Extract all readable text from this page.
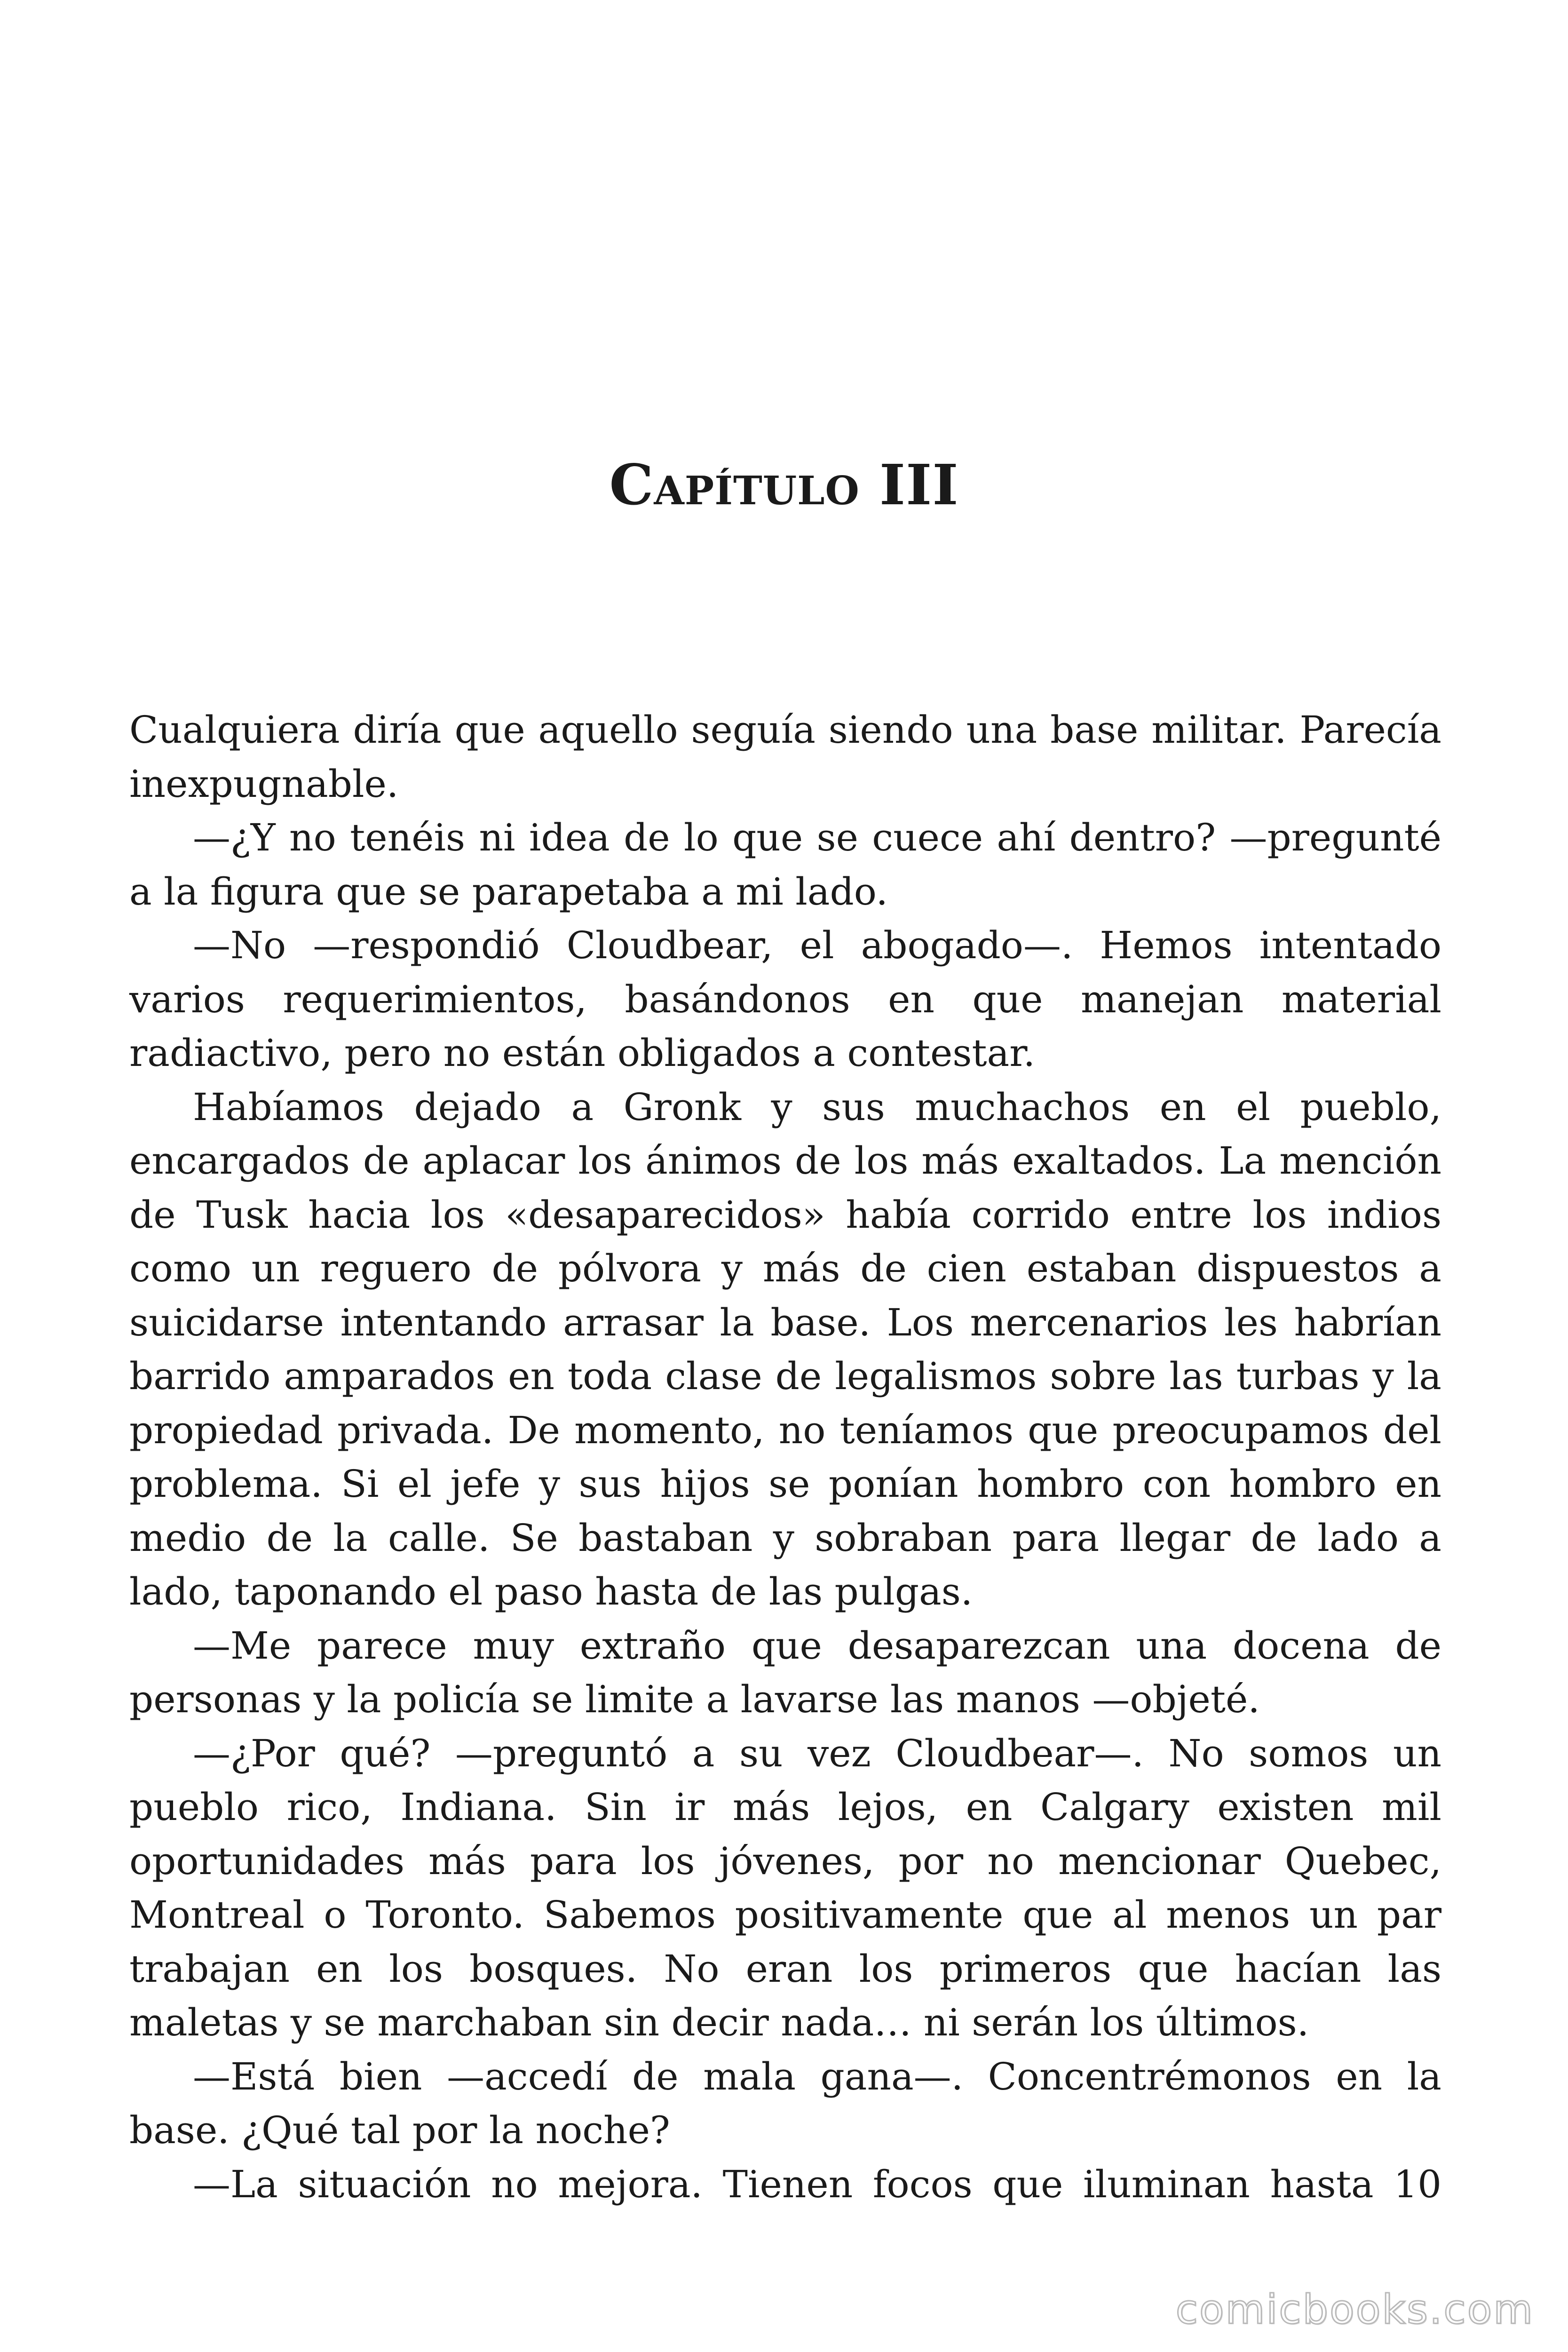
Capítulo III

Cualquiera diría que aquello seguía siendo una base militar. Parecía inexpugnable.

—¿Y no tenéis ni idea de lo que se cuece ahí dentro? —pregunté a la figura que se parapetaba a mi lado.

—No —respondió Cloudbear, el abogado—. Hemos intentado varios requerimientos, basándonos en que manejan material radiactivo, pero no están obligados a contestar.

Habíamos dejado a Gronk y sus muchachos en el pueblo, encargados de aplacar los ánimos de los más exaltados. La mención de Tusk hacia los «desaparecidos» había corrido entre los indios como un reguero de pólvora y más de cien estaban dispuestos a suicidarse intentando arrasar la base. Los mercenarios les habrían barrido amparados en toda clase de legalismos sobre las turbas y la propiedad privada. De momento, no teníamos que preocupamos del problema. Si el jefe y sus hijos se ponían hombro con hombro en medio de la calle. Se bastaban y sobraban para llegar de lado a lado, taponando el paso hasta de las pulgas.

—Me parece muy extraño que desaparezcan una docena de personas y la policía se limite a lavarse las manos —objeté.

—¿Por qué? —preguntó a su vez Cloudbear—. No somos un pueblo rico, Indiana. Sin ir más lejos, en Calgary existen mil oportunidades más para los jóvenes, por no mencionar Quebec, Montreal o Toronto. Sabemos positivamente que al menos un par trabajan en los bosques. No eran los primeros que hacían las maletas y se marchaban sin decir nada… ni serán los últimos.

—Está bien —accedí de mala gana—. Concentrémonos en la base. ¿Qué tal por la noche?

—La situación no mejora. Tienen focos que iluminan hasta 10

comicbooks.com
